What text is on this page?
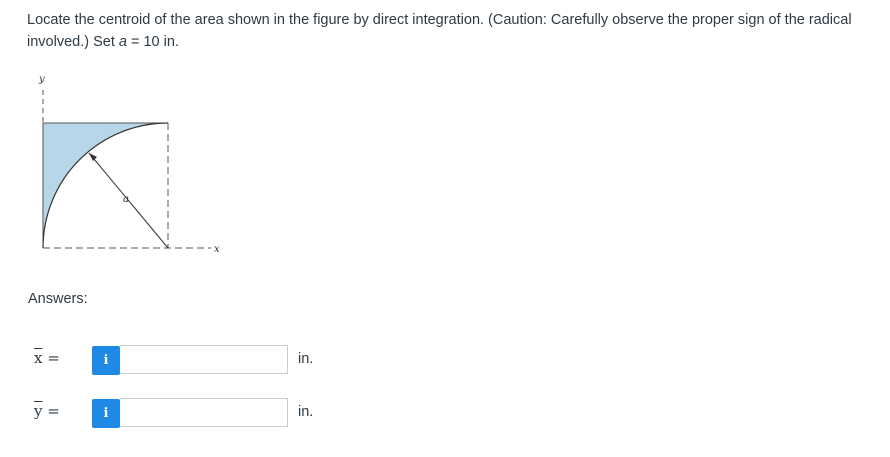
Locate the centroid of the area shown in the figure by direct integration. (Caution: Carefully observe the proper sign of the radical involved.) Set a = 10 in.
y
x
a
Answers:
$\overline{x}$ =	i	in.
$\overline{y}$ =	i	in.
